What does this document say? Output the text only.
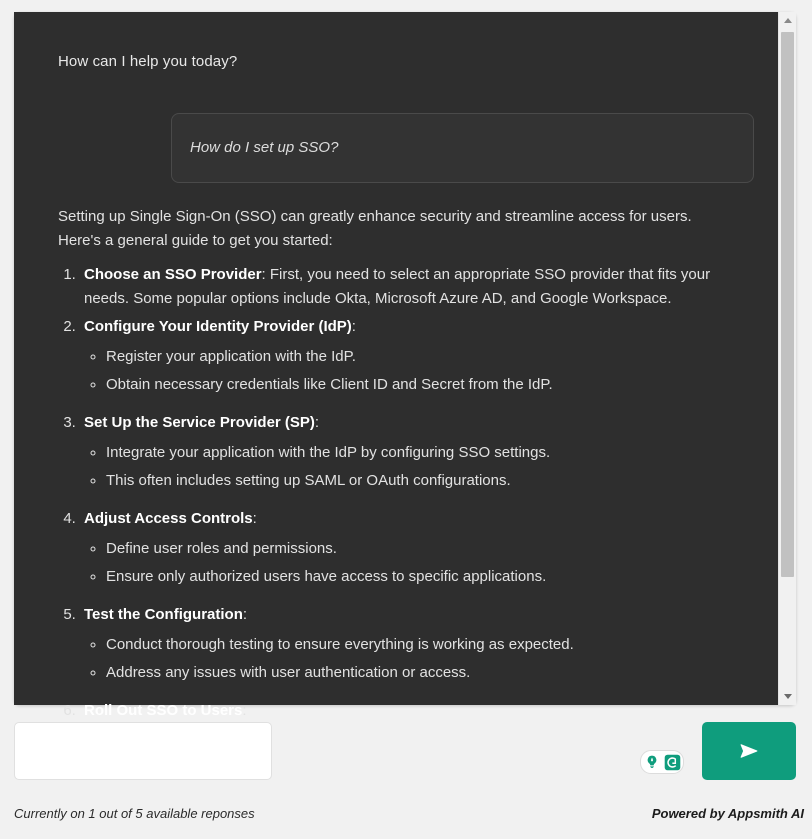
How can I help you today?
How do I set up SSO?

Setting up Single Sign-On (SSO) can greatly enhance security and streamline access for users. Here's a general guide to get you started:

1. Choose an SSO Provider: First, you need to select an appropriate SSO provider that fits your needs. Some popular options include Okta, Microsoft Azure AD, and Google Workspace.
2. Configure Your Identity Provider (IdP):
◦ Register your application with the IdP.
◦ Obtain necessary credentials like Client ID and Secret from the IdP.
3. Set Up the Service Provider (SP):
◦ Integrate your application with the IdP by configuring SSO settings.
◦ This often includes setting up SAML or OAuth configurations.
4. Adjust Access Controls:
◦ Define user roles and permissions.
◦ Ensure only authorized users have access to specific applications.
5. Test the Configuration:
◦ Conduct thorough testing to ensure everything is working as expected.
◦ Address any issues with user authentication or access.
6. Roll Out SSO to Users:
Currently on 1 out of 5 available reponses	Powered by Appsmith AI
